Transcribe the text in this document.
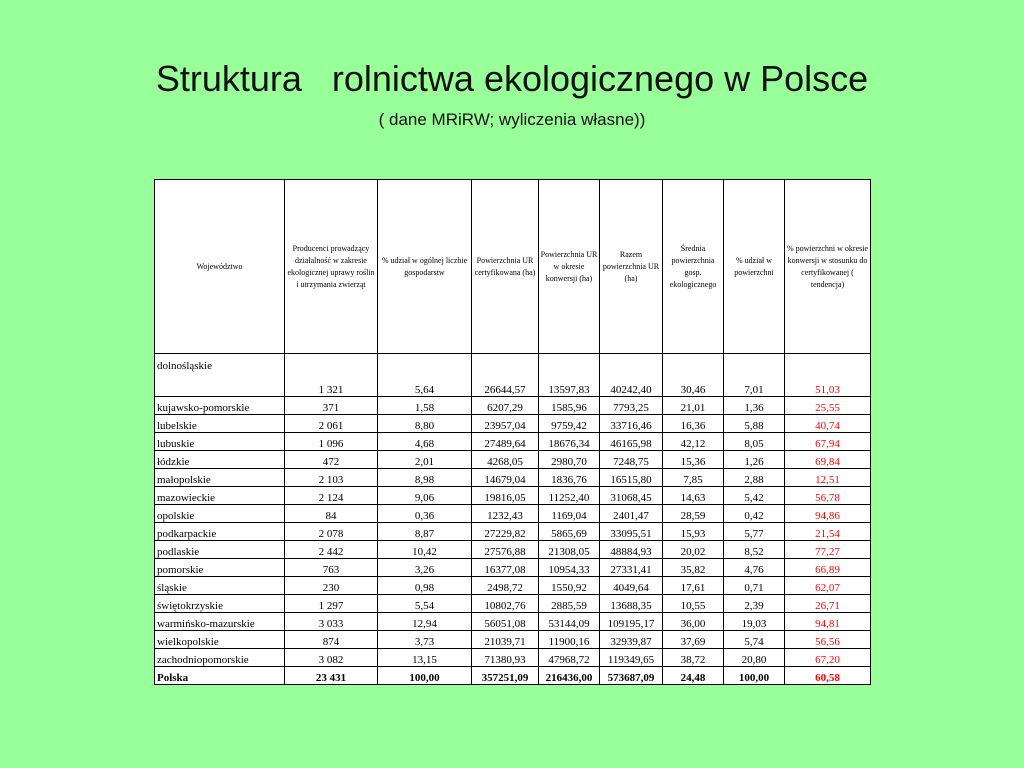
Struktura   rolnictwa ekologicznego w Polsce
( dane MRiRW; wyliczenia własne))
Województwo	Producenci prowadzący działalność w zakresie ekologicznej uprawy roślin i utrzymania zwierząt	% udział w ogólnej liczbie gospodarstw	Powierzchnia UR certyfikowana (ha)	Powierzchnia UR w okresie konwersji (ha)	Razem powierzchnia UR (ha)	Średnia powierzchnia gosp. ekologicznego	% udział w powierzchni	% powierzchni w okresie konwersji w stosunku do certyfikowanej ( tendencja)
dolnośląskie	1 321	5,64	26644,57	13597,83	40242,40	30,46	7,01	51,03
kujawsko-pomorskie	371	1,58	6207,29	1585,96	7793,25	21,01	1,36	25,55
lubelskie	2 061	8,80	23957,04	9759,42	33716,46	16,36	5,88	40,74
lubuskie	1 096	4,68	27489,64	18676,34	46165,98	42,12	8,05	67,94
łódzkie	472	2,01	4268,05	2980,70	7248,75	15,36	1,26	69,84
małopolskie	2 103	8,98	14679,04	1836,76	16515,80	7,85	2,88	12,51
mazowieckie	2 124	9,06	19816,05	11252,40	31068,45	14,63	5,42	56,78
opolskie	84	0,36	1232,43	1169,04	2401,47	28,59	0,42	94,86
podkarpackie	2 078	8,87	27229,82	5865,69	33095,51	15,93	5,77	21,54
podlaskie	2 442	10,42	27576,88	21308,05	48884,93	20,02	8,52	77,27
pomorskie	763	3,26	16377,08	10954,33	27331,41	35,82	4,76	66,89
śląskie	230	0,98	2498,72	1550,92	4049,64	17,61	0,71	62,07
świętokrzyskie	1 297	5,54	10802,76	2885,59	13688,35	10,55	2,39	26,71
warmińsko-mazurskie	3 033	12,94	56051,08	53144,09	109195,17	36,00	19,03	94,81
wielkopolskie	874	3,73	21039,71	11900,16	32939,87	37,69	5,74	56,56
zachodniopomorskie	3 082	13,15	71380,93	47968,72	119349,65	38,72	20,80	67,20
Polska	23 431	100,00	357251,09	216436,00	573687,09	24,48	100,00	60,58
